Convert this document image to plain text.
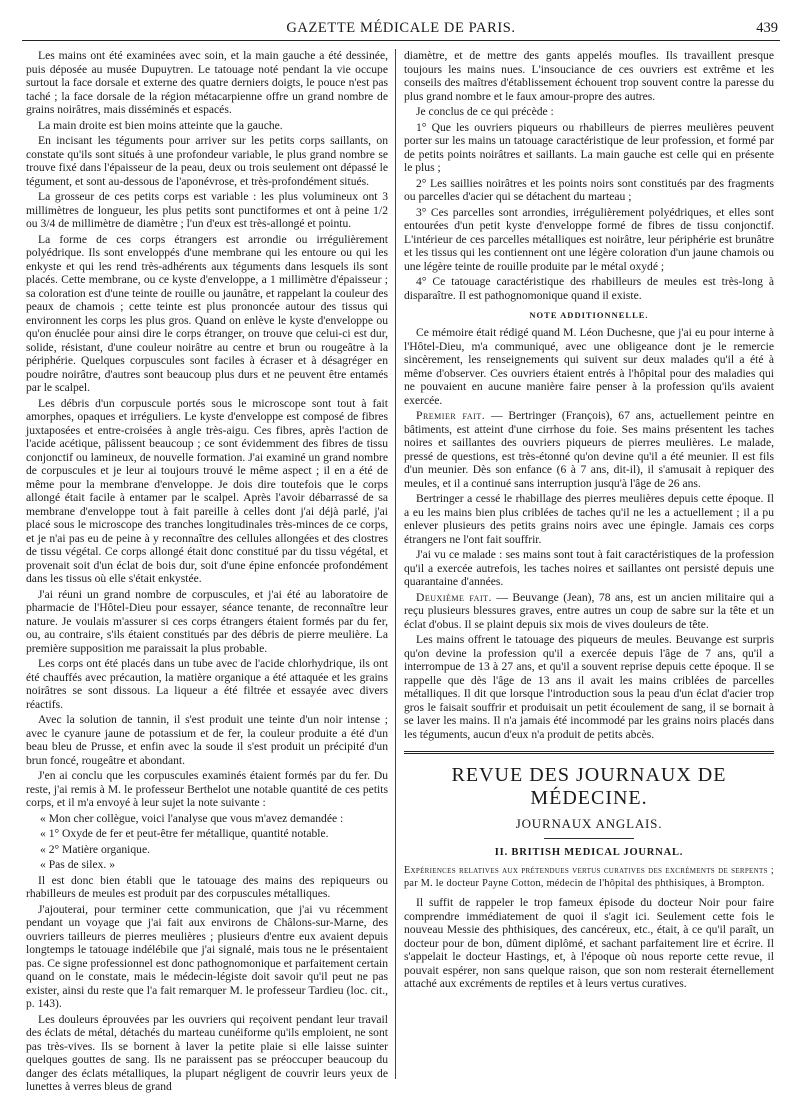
GAZETTE MÉDICALE DE PARIS.	439

Les mains ont été examinées avec soin, et la main gauche a été dessinée, puis déposée au musée Dupuytren. Le tatouage noté pendant la vie occupe surtout la face dorsale et externe des quatre derniers doigts, le pouce n'est pas taché ; la face dorsale de la région métacarpienne offre un grand nombre de grains noirâtres, mais disséminés et espacés.

La main droite est bien moins atteinte que la gauche.

En incisant les téguments pour arriver sur les petits corps saillants, on constate qu'ils sont situés à une profondeur variable, le plus grand nombre se trouve fixé dans l'épaisseur de la peau, deux ou trois seulement ont dépassé le tégument, et sont au-dessous de l'aponévrose, et très-profondément situés.

La grosseur de ces petits corps est variable : les plus volumineux ont 3 millimètres de longueur, les plus petits sont punctiformes et ont à peine 1/2 ou 3/4 de millimètre de diamètre ; l'un d'eux est très-allongé et pointu.

La forme de ces corps étrangers est arrondie ou irrégulièrement polyédrique. Ils sont enveloppés d'une membrane qui les entoure ou qui les enkyste et qui les rend très-adhérents aux téguments dans lesquels ils sont placés. Cette membrane, ou ce kyste d'enveloppe, a 1 millimètre d'épaisseur ; sa coloration est d'une teinte de rouille ou jaunâtre, et rappelant la couleur des peaux de chamois ; cette teinte est plus prononcée autour des tissus qui environnent les corps les plus gros. Quand on enlève le kyste d'enveloppe ou qu'on énuclée pour ainsi dire le corps étranger, on trouve que celui-ci est dur, solide, résistant, d'une couleur noirâtre au centre et brun ou rougeâtre à la périphérie. Quelques corpuscules sont faciles à écraser et à désagréger en poudre noirâtre, d'autres sont beaucoup plus durs et ne peuvent être entamés par le scalpel.

Les débris d'un corpuscule portés sous le microscope sont tout à fait amorphes, opaques et irréguliers. Le kyste d'enveloppe est composé de fibres juxtaposées et entre-croisées à angle très-aigu. Ces fibres, après l'action de l'acide acétique, pâlissent beaucoup ; ce sont évidemment des fibres de tissu conjonctif ou lamineux, de nouvelle formation. J'ai examiné un grand nombre de corpuscules et je leur ai toujours trouvé le même aspect ; il en a été de même pour la membrane d'enveloppe. Je dois dire toutefois que le corps allongé était facile à entamer par le scalpel. Après l'avoir débarrassé de sa membrane d'enveloppe tout à fait pareille à celles dont j'ai déjà parlé, j'ai placé sous le microscope des tranches longitudinales très-minces de ce corps, et je n'ai pas eu de peine à y reconnaître des cellules allongées et des clostres de tissu végétal. Ce corps allongé était donc constitué par du tissu végétal, et provenait soit d'un éclat de bois dur, soit d'une épine enfoncée profondément dans les tissus où elle s'était enkystée.

J'ai réuni un grand nombre de corpuscules, et j'ai été au laboratoire de pharmacie de l'Hôtel-Dieu pour essayer, séance tenante, de reconnaître leur nature. Je voulais m'assurer si ces corps étrangers étaient formés par du fer, ou, au contraire, s'ils étaient constitués par des débris de pierre meulière. La première supposition me paraissait la plus probable.

Les corps ont été placés dans un tube avec de l'acide chlorhydrique, ils ont été chauffés avec précaution, la matière organique a été attaquée et les grains noirâtres se sont dissous. La liqueur a été filtrée et essayée avec divers réactifs.

Avec la solution de tannin, il s'est produit une teinte d'un noir intense ; avec le cyanure jaune de potassium et de fer, la couleur produite a été d'un beau bleu de Prusse, et enfin avec la soude il s'est produit un précipité d'un brun foncé, rougeâtre et abondant.

J'en ai conclu que les corpuscules examinés étaient formés par du fer. Du reste, j'ai remis à M. le professeur Berthelot une notable quantité de ces petits corps, et il m'a envoyé à leur sujet la note suivante :

« Mon cher collègue, voici l'analyse que vous m'avez demandée :

« 1° Oxyde de fer et peut-être fer métallique, quantité notable.

« 2° Matière organique.

« Pas de silex. »

Il est donc bien établi que le tatouage des mains des repiqueurs ou rhabilleurs de meules est produit par des corpuscules métalliques.

J'ajouterai, pour terminer cette communication, que j'ai vu récemment pendant un voyage que j'ai fait aux environs de Châlons-sur-Marne, des ouvriers tailleurs de pierres meulières ; plusieurs d'entre eux avaient depuis longtemps le tatouage indélébile que j'ai signalé, mais tous ne le présentaient pas. Ce signe professionnel est donc pathognomonique et parfaitement certain quand on le constate, mais le médecin-légiste doit savoir qu'il peut ne pas exister, ainsi du reste que l'a fait remarquer M. le professeur Tardieu (loc. cit., p. 143).

Les douleurs éprouvées par les ouvriers qui reçoivent pendant leur travail des éclats de métal, détachés du marteau cunéiforme qu'ils emploient, ne sont pas très-vives. Ils se bornent à laver la petite plaie si elle laisse suinter quelques gouttes de sang. Ils ne paraissent pas se préoccuper beaucoup du danger des éclats métalliques, la plupart négligent de couvrir leurs yeux de lunettes à verres bleus de grand

diamètre, et de mettre des gants appelés moufles. Ils travaillent presque toujours les mains nues. L'insouciance de ces ouvriers est extrême et les conseils des maîtres d'établissement échouent trop souvent contre la paresse du plus grand nombre et le faux amour-propre des autres.

Je conclus de ce qui précède :

1° Que les ouvriers piqueurs ou rhabilleurs de pierres meulières peuvent porter sur les mains un tatouage caractéristique de leur profession, et formé par de petits points noirâtres et saillants. La main gauche est celle qui en présente le plus ;

2° Les saillies noirâtres et les points noirs sont constitués par des fragments ou parcelles d'acier qui se détachent du marteau ;

3° Ces parcelles sont arrondies, irrégulièrement polyédriques, et elles sont entourées d'un petit kyste d'enveloppe formé de fibres de tissu conjonctif. L'intérieur de ces parcelles métalliques est noirâtre, leur périphérie est brunâtre et les tissus qui les contiennent ont une légère coloration d'un jaune chamois ou une légère teinte de rouille produite par le métal oxydé ;

4° Ce tatouage caractéristique des rhabilleurs de meules est très-long à disparaître. Il est pathognomonique quand il existe.

NOTE ADDITIONNELLE.

Ce mémoire était rédigé quand M. Léon Duchesne, que j'ai eu pour interne à l'Hôtel-Dieu, m'a communiqué, avec une obligeance dont je le remercie sincèrement, les renseignements qui suivent sur deux malades qu'il a été à même d'observer. Ces ouvriers étaient entrés à l'hôpital pour des maladies qui ne pouvaient en aucune manière faire penser à la profession qu'ils avaient exercée.

Premier fait. — Bertringer (François), 67 ans, actuellement peintre en bâtiments, est atteint d'une cirrhose du foie. Ses mains présentent les taches noires et saillantes des ouvriers piqueurs de pierres meulières. Le malade, pressé de questions, est très-étonné qu'on devine qu'il a été meunier. Il est fils d'un meunier. Dès son enfance (6 à 7 ans, dit-il), il s'amusait à repiquer des meules, et il a continué sans interruption jusqu'à l'âge de 26 ans.

Bertringer a cessé le rhabillage des pierres meulières depuis cette époque. Il a eu les mains bien plus criblées de taches qu'il ne les a actuellement ; il a pu enlever plusieurs des petits grains noirs avec une épingle. Jamais ces corps étrangers ne l'ont fait souffrir.

J'ai vu ce malade : ses mains sont tout à fait caractéristiques de la profession qu'il a exercée autrefois, les taches noires et saillantes ont persisté depuis une quarantaine d'années.

Deuxième fait. — Beuvange (Jean), 78 ans, est un ancien militaire qui a reçu plusieurs blessures graves, entre autres un coup de sabre sur la tête et un éclat d'obus. Il se plaint depuis six mois de vives douleurs de tête.

Les mains offrent le tatouage des piqueurs de meules. Beuvange est surpris qu'on devine la profession qu'il a exercée depuis l'âge de 7 ans, qu'il a interrompue de 13 à 27 ans, et qu'il a souvent reprise depuis cette époque. Il se rappelle que dès l'âge de 13 ans il avait les mains criblées de parcelles métalliques. Il dit que lorsque l'introduction sous la peau d'un éclat d'acier trop gros le faisait souffrir et produisait un petit écoulement de sang, il se bornait à se laver les mains. Il n'a jamais été incommodé par les grains noirs placés dans les téguments, aucun d'eux n'a produit de petits abcès.

REVUE DES JOURNAUX DE MÉDECINE.
JOURNAUX ANGLAIS.
II. BRITISH MEDICAL JOURNAL.
Expériences relatives aux prétendues vertus curatives des excréments de serpents ; par M. le docteur Payne Cotton, médecin de l'hôpital des phthisiques, à Brompton.

Il suffit de rappeler le trop fameux épisode du docteur Noir pour faire comprendre immédiatement de quoi il s'agit ici. Seulement cette fois le nouveau Messie des phthisiques, des cancéreux, etc., était, à ce qu'il paraît, un docteur pour de bon, dûment diplômé, et sachant parfaitement lire et écrire. Il s'appelait le docteur Hastings, et, à l'époque où nous reporte cette revue, il pouvait espérer, non sans quelque raison, que son nom resterait éternellement attaché aux excréments de reptiles et à leurs vertus curatives.
